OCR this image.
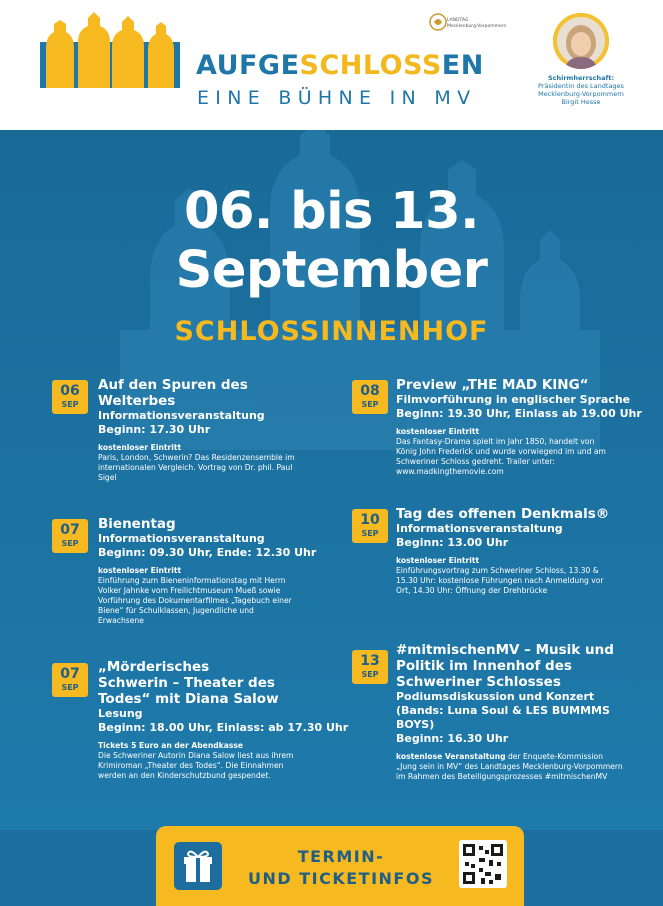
AUFGESCHLOSSEN
EINE BÜHNE IN MV
LANDTAG
Mecklenburg-Vorpommern
Schirmherrschaft:
Präsidentin des Landtages
Mecklenburg-Vorpommern
Birgit Hesse
06. bis 13.
September
SCHLOSSINNENHOF
06
SEP

Auf den Spuren des Welterbes

Informationsveranstaltung

Beginn: 17.30 Uhr

kostenloser Eintritt

Paris, London, Schwerin? Das Residenzensemble im internationalen Vergleich. Vortrag von Dr. phil. Paul Sigel

07
SEP

Bienentag

Informationsveranstaltung

Beginn: 09.30 Uhr, Ende: 12.30 Uhr

kostenloser Eintritt

Einführung zum Bieneninformationstag mit Herrn Volker Jahnke vom Freilichtmuseum Mueß sowie Vorführung des Dokumentarfilmes „Tagebuch einer Biene“ für Schulklassen, Jugendliche und Erwachsene

07
SEP

„Mörderisches Schwerin – Theater des Todes“ mit Diana Salow

Lesung

Beginn: 18.00 Uhr, Einlass: ab 17.30 Uhr

Tickets 5 Euro an der Abendkasse

Die Schweriner Autorin Diana Salow liest aus ihrem Krimiroman „Theater des Todes“. Die Einnahmen werden an den Kinderschutzbund gespendet.

08
SEP

Preview „THE MAD KING“

Filmvorführung in englischer Sprache

Beginn: 19.30 Uhr, Einlass ab 19.00 Uhr

kostenloser Eintritt

Das Fantasy-Drama spielt im Jahr 1850, handelt von König John Frederick und wurde vorwiegend im und am Schweriner Schloss gedreht. Trailer unter: www.madkingthemovie.com

10
SEP

Tag des offenen Denkmals®

Informationsveranstaltung

Beginn: 13.00 Uhr

kostenloser Eintritt

Einführungsvortrag zum Schweriner Schloss, 13.30 & 15.30 Uhr: kostenlose Führungen nach Anmeldung vor Ort, 14.30 Uhr: Öffnung der Drehbrücke

13
SEP

#mitmischenMV – Musik und Politik im Innenhof des Schweriner Schlosses

Podiumsdiskussion und Konzert (Bands: Luna Soul & LES BUMMMS BOYS)

Beginn: 16.30 Uhr

kostenlose Veranstaltung der Enquete-Kommission „Jung sein in MV“ des Landtages Mecklenburg-Vorpommern im Rahmen des Beteiligungsprozesses #mitmischenMV

TERMIN-
UND TICKETINFOS
